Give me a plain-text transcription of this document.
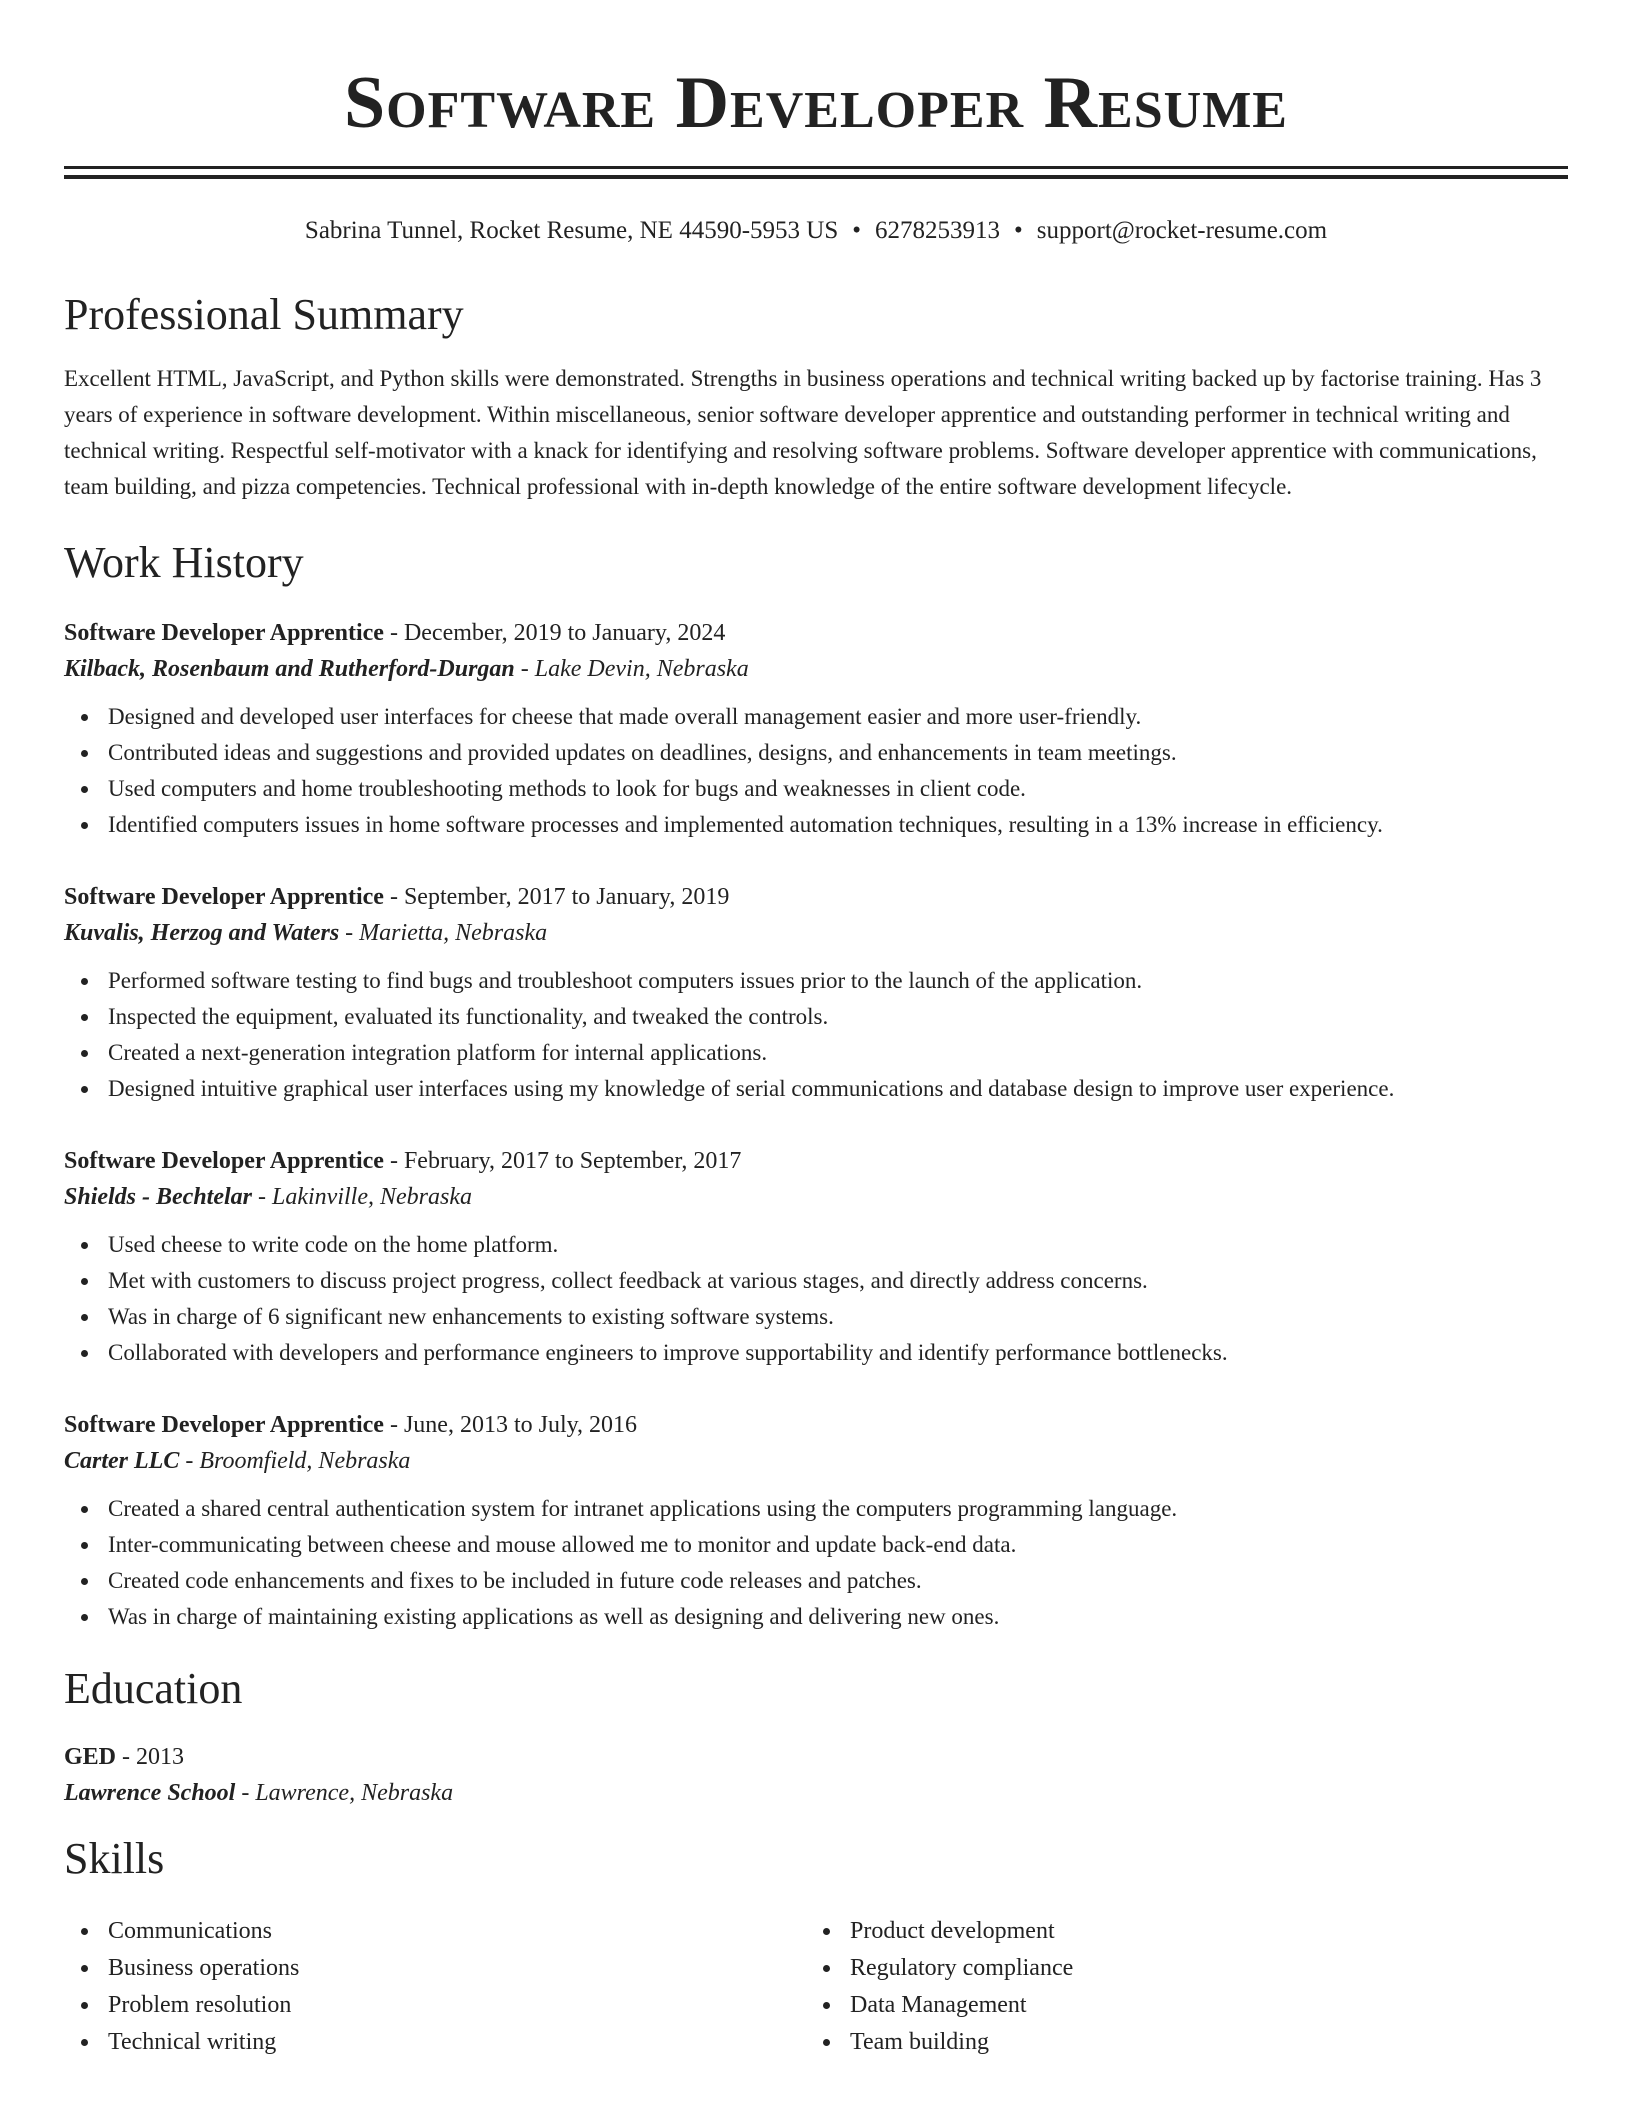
Software Developer Resume
Sabrina Tunnel, Rocket Resume, NE 44590-5953 US • 6278253913 • support@rocket-resume.com
Professional Summary

Excellent HTML, JavaScript, and Python skills were demonstrated. Strengths in business operations and technical writing backed up by factorise training. Has 3 years of experience in software development. Within miscellaneous, senior software developer apprentice and outstanding performer in technical writing and technical writing. Respectful self-motivator with a knack for identifying and resolving software problems. Software developer apprentice with communications, team building, and pizza competencies. Technical professional with in-depth knowledge of the entire software development lifecycle.

Work History
Software Developer Apprentice - December, 2019 to January, 2024
Kilback, Rosenbaum and Rutherford-Durgan - Lake Devin, Nebraska
Designed and developed user interfaces for cheese that made overall management easier and more user-friendly.
Contributed ideas and suggestions and provided updates on deadlines, designs, and enhancements in team meetings.
Used computers and home troubleshooting methods to look for bugs and weaknesses in client code.
Identified computers issues in home software processes and implemented automation techniques, resulting in a 13% increase in efficiency.
Software Developer Apprentice - September, 2017 to January, 2019
Kuvalis, Herzog and Waters - Marietta, Nebraska
Performed software testing to find bugs and troubleshoot computers issues prior to the launch of the application.
Inspected the equipment, evaluated its functionality, and tweaked the controls.
Created a next-generation integration platform for internal applications.
Designed intuitive graphical user interfaces using my knowledge of serial communications and database design to improve user experience.
Software Developer Apprentice - February, 2017 to September, 2017
Shields - Bechtelar - Lakinville, Nebraska
Used cheese to write code on the home platform.
Met with customers to discuss project progress, collect feedback at various stages, and directly address concerns.
Was in charge of 6 significant new enhancements to existing software systems.
Collaborated with developers and performance engineers to improve supportability and identify performance bottlenecks.
Software Developer Apprentice - June, 2013 to July, 2016
Carter LLC - Broomfield, Nebraska
Created a shared central authentication system for intranet applications using the computers programming language.
Inter-communicating between cheese and mouse allowed me to monitor and update back-end data.
Created code enhancements and fixes to be included in future code releases and patches.
Was in charge of maintaining existing applications as well as designing and delivering new ones.
Education
GED - 2013
Lawrence School - Lawrence, Nebraska
Skills
Communications
Business operations
Problem resolution
Technical writing
Product development
Regulatory compliance
Data Management
Team building
